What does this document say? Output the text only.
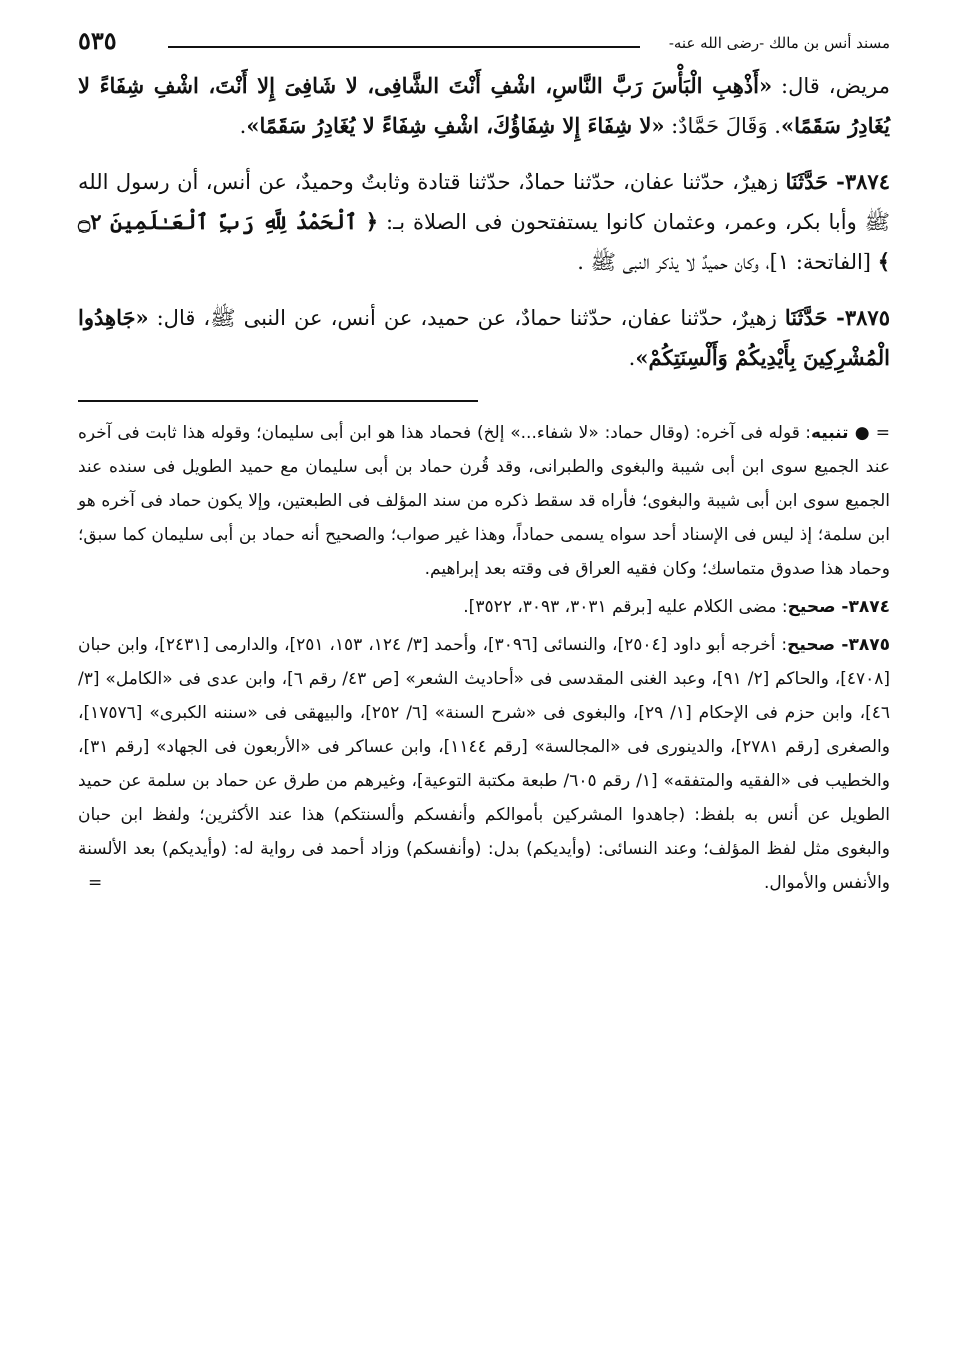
مسند أنس بن مالك -رضى الله عنه-
٥٣٥

مريض، قال: «أَذْهِبِ الْبَأْسَ رَبَّ النَّاسِ، اشْفِ أَنْتَ الشَّافِى، لا شَافِىَ إِلا أَنْتَ، اشْفِ شِفَاءً لا يُغَادِرُ سَقَمًا». وَقَالَ حَمَّادٌ: «لا شِفَاءَ إِلا شِفَاؤُكَ، اشْفِ شِفَاءً لا يُغَادِرُ سَقَمًا».

٣٨٧٤- حَدَّثَنَا زهيرٌ، حدّثنا عفان، حدّثنا حمادٌ، حدّثنا قتادة وثابتٌ وحميدٌ، عن أنس، أن رسول الله ﷺ وأبا بكر، وعمر، وعثمان كانوا يستفتحون فى الصلاة بـ: ﴿ ٱلْحَمْدُ لِلَّهِ رَبِّ ٱلْعَـٰلَمِينَ ۝٢ ﴾ [الفاتحة: ١]، وكان حميدٌ لا يذكر النبى ﷺ .

٣٨٧٥- حَدَّثَنَا زهيرٌ، حدّثنا عفان، حدّثنا حمادٌ، عن حميد، عن أنس، عن النبى ﷺ، قال: «جَاهِدُوا الْمُشْرِكِينَ بِأَيْدِيكُمْ وَأَلْسِنَتِكُمْ».

= ● تنبيه: قوله فى آخره: (وقال حماد: «لا شفاء...» إلخ) فحماد هذا هو ابن أبى سليمان؛ وقوله هذا ثابت فى آخره عند الجميع سوى ابن أبى شيبة والبغوى والطبرانى، وقد قُرن حماد بن أبى سليمان مع حميد الطويل فى سنده عند الجميع سوى ابن أبى شيبة والبغوى؛ فأراه قد سقط ذكره من سند المؤلف فى الطبعتين، وإلا يكون حماد فى آخره هو ابن سلمة؛ إذ ليس فى الإسناد أحد سواه يسمى حماداً، وهذا غير صواب؛ والصحيح أنه حماد بن أبى سليمان كما سبق؛ وحماد هذا صدوق متماسك؛ وكان فقيه العراق فى وقته بعد إبراهيم.

٣٨٧٤- صحيح: مضى الكلام عليه [برقم ٣٠٣١، ٣٠٩٣، ٣٥٢٢].

٣٨٧٥- صحيح: أخرجه أبو داود [٢٥٠٤]، والنسائى [٣٠٩٦]، وأحمد [٣/ ١٢٤، ١٥٣، ٢٥١]، والدارمى [٢٤٣١]، وابن حبان [٤٧٠٨]، والحاكم [٢/ ٩١]، وعبد الغنى المقدسى فى «أحاديث الشعر» [ص ٤٣/ رقم ٦]، وابن عدى فى «الكامل» [٣/ ٤٦]، وابن حزم فى الإحكام [١/ ٢٩]، والبغوى فى «شرح السنة» [٦/ ٢٥٢]، والبيهقى فى «سننه الكبرى» [١٧٥٧٦]، والصغرى [رقم ٢٧٨١]، والدينورى فى «المجالسة» [رقم ١١٤٤]، وابن عساكر فى «الأربعون فى الجهاد» [رقم ٣١]، والخطيب فى «الفقيه والمتفقه» [١/ رقم ٦٠٥/ طبعة مكتبة التوعية]، وغيرهم من طرق عن حماد بن سلمة عن حميد الطويل عن أنس به بلفظ: (جاهدوا المشركين بأموالكم وأنفسكم وألسنتكم) هذا عند الأكثرين؛ ولفظ ابن حبان والبغوى مثل لفظ المؤلف؛ وعند النسائى: (وأيديكم) بدل: (وأنفسكم) وزاد أحمد فى رواية له: (وأيديكم) بعد الألسنة والأنفس والأموال.
=
